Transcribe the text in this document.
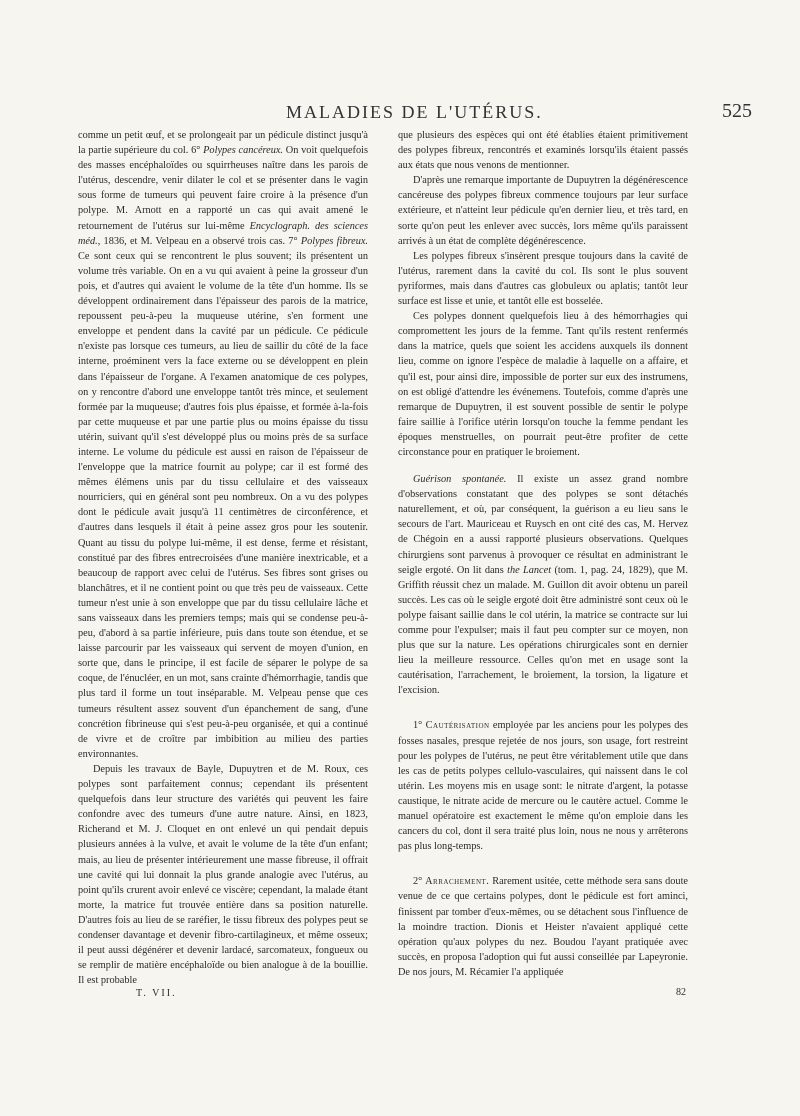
MALADIES DE L'UTÉRUS.	525

comme un petit œuf, et se prolongeait par un pédicule distinct jusqu'à la partie supérieure du col. 6° Polypes cancéreux. On voit quelquefois des masses encéphaloïdes ou squirrheuses naître dans les parois de l'utérus, descendre, venir dilater le col et se présenter dans le vagin sous forme de tumeurs qui peuvent faire croire à la présence d'un polype. M. Arnott en a rapporté un cas qui avait amené le retournement de l'utérus sur lui-même Encyclograph. des sciences méd., 1836, et M. Velpeau en a observé trois cas. 7° Polypes fibreux. Ce sont ceux qui se rencontrent le plus souvent; ils présentent un volume très variable. On en a vu qui avaient à peine la grosseur d'un pois, et d'autres qui avaient le volume de la tête d'un homme. Ils se développent ordinairement dans l'épaisseur des parois de la matrice, repoussent peu-à-peu la muqueuse utérine, s'en forment une enveloppe et pendent dans la cavité par un pédicule. Ce pédicule n'existe pas lorsque ces tumeurs, au lieu de saillir du côté de la face interne, proéminent vers la face externe ou se développent en plein dans l'épaisseur de l'organe. A l'examen anatomique de ces polypes, on y rencontre d'abord une enveloppe tantôt très mince, et seulement formée par la muqueuse; d'autres fois plus épaisse, et formée à-la-fois par cette muqueuse et par une partie plus ou moins épaisse du tissu utérin, suivant qu'il s'est développé plus ou moins près de sa surface interne. Le volume du pédicule est aussi en raison de l'épaisseur de l'enveloppe que la matrice fournit au polype; car il est formé des mêmes élémens unis par du tissu cellulaire et des vaisseaux nourriciers, qui en général sont peu nombreux. On a vu des polypes dont le pédicule avait jusqu'à 11 centimètres de circonférence, et d'autres dans lesquels il était à peine assez gros pour les soutenir. Quant au tissu du polype lui-même, il est dense, ferme et résistant, constitué par des fibres entrecroisées d'une manière inextricable, et a beaucoup de rapport avec celui de l'utérus. Ses fibres sont grises ou blanchâtres, et il ne contient point ou que très peu de vaisseaux. Cette tumeur n'est unie à son enveloppe que par du tissu cellulaire lâche et sans vaisseaux dans les premiers temps; mais qui se condense peu-à-peu, d'abord à sa partie inférieure, puis dans toute son étendue, et se laisse parcourir par les vaisseaux qui servent de moyen d'union, en sorte que, dans le principe, il est facile de séparer le polype de sa coque, de l'énucléer, en un mot, sans crainte d'hémorrhagie, tandis que plus tard il forme un tout inséparable. M. Velpeau pense que ces tumeurs résultent assez souvent d'un épanchement de sang, d'une concrétion fibrineuse qui s'est peu-à-peu organisée, et qui a continué de vivre et de croître par imbibition au milieu des parties environnantes.

Depuis les travaux de Bayle, Dupuytren et de M. Roux, ces polypes sont parfaitement connus; cependant ils présentent quelquefois dans leur structure des variétés qui peuvent les faire confondre avec des tumeurs d'une autre nature. Ainsi, en 1823, Richerand et M. J. Cloquet en ont enlevé un qui pendait depuis plusieurs années à la vulve, et avait le volume de la tête d'un enfant; mais, au lieu de présenter intérieurement une masse fibreuse, il offrait une cavité qui lui donnait la plus grande analogie avec l'utérus, au point qu'ils crurent avoir enlevé ce viscère; cependant, la malade étant morte, la matrice fut trouvée entière dans sa position naturelle. D'autres fois au lieu de se raréfier, le tissu fibreux des polypes peut se condenser davantage et devenir fibro-cartilagineux, et même osseux; il peut aussi dégénérer et devenir lardacé, sarcomateux, fongueux ou se remplir de matière encéphaloïde ou bien analogue à de la bouillie. Il est probable

que plusieurs des espèces qui ont été établies étaient primitivement des polypes fibreux, rencontrés et examinés lorsqu'ils étaient passés aux états que nous venons de mentionner.

D'après une remarque importante de Dupuytren la dégénérescence cancéreuse des polypes fibreux commence toujours par leur surface extérieure, et n'atteint leur pédicule qu'en dernier lieu, et très tard, en sorte qu'on peut les enlever avec succès, lors même qu'ils paraissent arrivés à un état de complète dégénérescence.

Les polypes fibreux s'insèrent presque toujours dans la cavité de l'utérus, rarement dans la cavité du col. Ils sont le plus souvent pyriformes, mais dans d'autres cas globuleux ou aplatis; tantôt leur surface est lisse et unie, et tantôt elle est bosselée.

Ces polypes donnent quelquefois lieu à des hémorrhagies qui compromettent les jours de la femme. Tant qu'ils restent renfermés dans la matrice, quels que soient les accidens auxquels ils donnent lieu, comme on ignore l'espèce de maladie à laquelle on a affaire, et qu'il est, pour ainsi dire, impossible de porter sur eux des instrumens, on est obligé d'attendre les événemens. Toutefois, comme d'après une remarque de Dupuytren, il est souvent possible de sentir le polype faire saillie à l'orifice utérin lorsqu'on touche la femme pendant les époques menstruelles, on pourrait peut-être profiter de cette circonstance pour en pratiquer le broiement.

Guérison spontanée. Il existe un assez grand nombre d'observations constatant que des polypes se sont détachés naturellement, et où, par conséquent, la guérison a eu lieu sans le secours de l'art. Mauriceau et Ruysch en ont cité des cas, M. Hervez de Chégoin en a aussi rapporté plusieurs observations. Quelques chirurgiens sont parvenus à provoquer ce résultat en administrant le seigle ergoté. On lit dans the Lancet (tom. 1, pag. 24, 1829), que M. Griffith réussit chez un malade. M. Guillon dit avoir obtenu un pareil succès. Les cas où le seigle ergoté doit être administré sont ceux où le polype faisant saillie dans le col utérin, la matrice se contracte sur lui comme pour l'expulser; mais il faut peu compter sur ce moyen, non plus que sur la nature. Les opérations chirurgicales sont en dernier lieu la meilleure ressource. Celles qu'on met en usage sont la cautérisation, l'arrachement, le broiement, la torsion, la ligature et l'excision.

1° Cautérisation employée par les anciens pour les polypes des fosses nasales, presque rejetée de nos jours, son usage, fort restreint pour les polypes de l'utérus, ne peut être véritablement utile que dans les cas de petits polypes cellulo-vasculaires, qui naissent dans le col utérin. Les moyens mis en usage sont: le nitrate d'argent, la potasse caustique, le nitrate acide de mercure ou le cautère actuel. Comme le manuel opératoire est exactement le même qu'on emploie dans les cancers du col, dont il sera traité plus loin, nous ne nous y arrêterons pas plus long-temps.

2° Arrachement. Rarement usitée, cette méthode sera sans doute venue de ce que certains polypes, dont le pédicule est fort aminci, finissent par tomber d'eux-mêmes, ou se détachent sous l'influence de la moindre traction. Dionis et Heister n'avaient appliqué cette opération qu'aux polypes du nez. Boudou l'ayant pratiquée avec succès, en proposa l'adoption qui fut aussi conseillée par Lapeyronie. De nos jours, M. Récamier l'a appliquée

T. VII.	82
